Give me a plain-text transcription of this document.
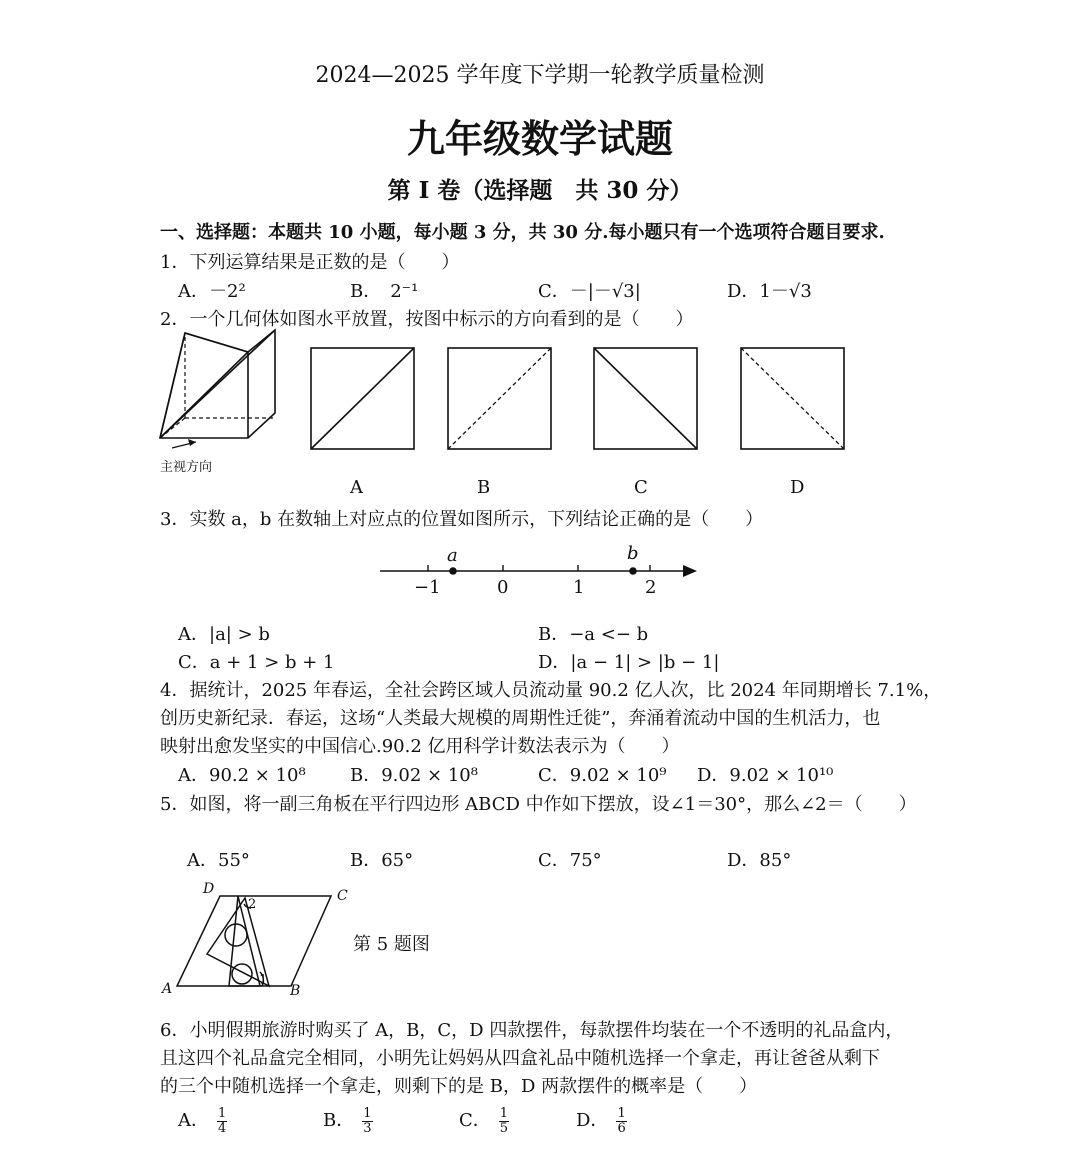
2024—2025 学年度下学期一轮教学质量检测
九年级数学试题
第 I 卷（选择题　共 30 分）
一、选择题：本题共 10 小题，每小题 3 分，共 30 分.每小题只有一个选项符合题目要求.
1．下列运算结果是正数的是（　　）
A．－2²	B．　2⁻¹	C．－|－√3|	D．1－√3
2．一个几何体如图水平放置，按图中标示的方向看到的是（　　）
主视方向
A	B	C	D
3．实数 a，b 在数轴上对应点的位置如图所示，下列结论正确的是（　　）
a	b
−1	0	1	2
A．|a| > b	B．−a <− b
C．a + 1 > b + 1	D．|a − 1| > |b − 1|
4．据统计，2025 年春运，全社会跨区域人员流动量 90.2 亿人次，比 2024 年同期增长 7.1%，
创历史新纪录．春运，这场“人类最大规模的周期性迁徙”，奔涌着流动中国的生机活力，也
映射出愈发坚实的中国信心.90.2 亿用科学计数法表示为（　　）
A．90.2 × 10⁸ B．9.02 × 10⁸	C．9.02 × 10⁹ D．9.02 × 10¹⁰
5．如图，将一副三角板在平行四边形 ABCD 中作如下摆放，设∠1＝30°，那么∠2＝（　　）
A．55°	B．65°	C．75°	D．85°
D	C
A	B
2
1
第 5 题图
6．小明假期旅游时购买了 A，B，C，D 四款摆件，每款摆件均装在一个不透明的礼品盒内，
且这四个礼品盒完全相同，小明先让妈妈从四盒礼品中随机选择一个拿走，再让爸爸从剩下
的三个中随机选择一个拿走，则剩下的是 B，D 两款摆件的概率是（　　）
A． $\frac{1}{4}$	B． $\frac{1}{3}$	C． $\frac{1}{5}$	D． $\frac{1}{6}$
